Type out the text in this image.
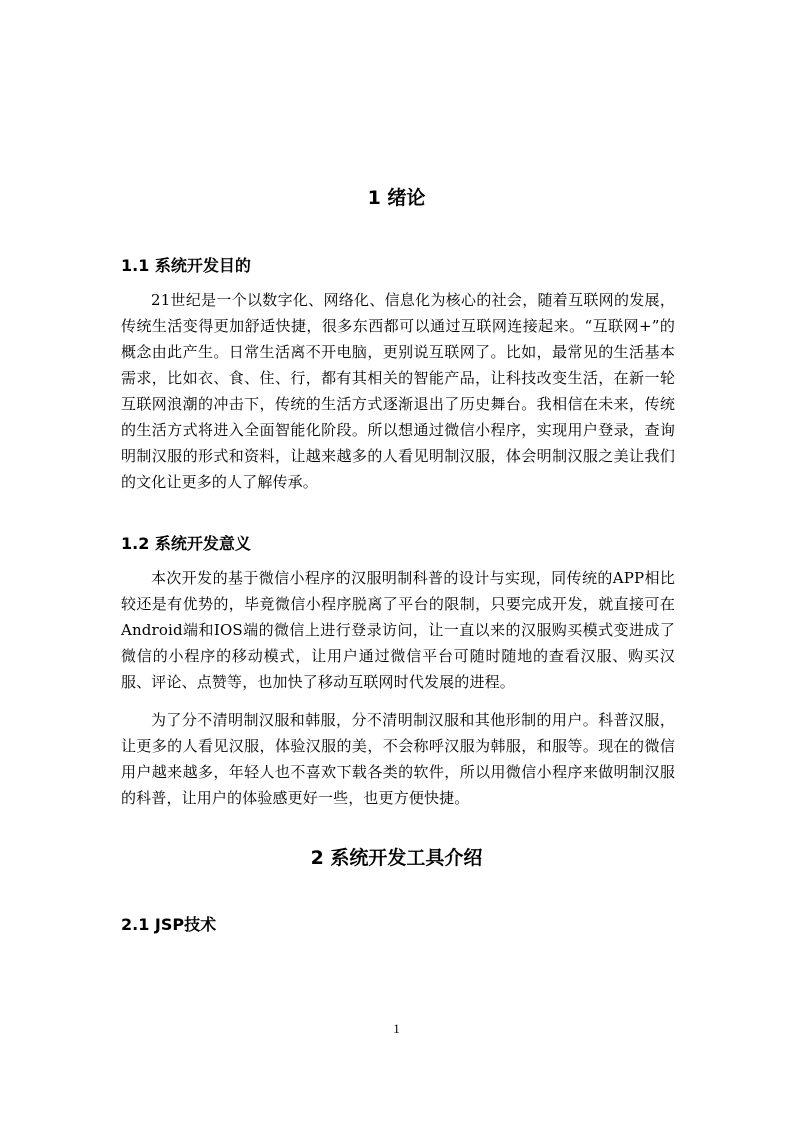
1 绪论
1.1 系统开发目的

21世纪是一个以数字化、网络化、信息化为核心的社会，随着互联网的发展，传统生活变得更加舒适快捷，很多东西都可以通过互联网连接起来。“互联网+”的概念由此产生。日常生活离不开电脑，更别说互联网了。比如，最常见的生活基本需求，比如衣、食、住、行，都有其相关的智能产品，让科技改变生活，在新一轮互联网浪潮的冲击下，传统的生活方式逐渐退出了历史舞台。我相信在未来，传统的生活方式将进入全面智能化阶段。所以想通过微信小程序，实现用户登录，查询明制汉服的形式和资料，让越来越多的人看见明制汉服，体会明制汉服之美让我们的文化让更多的人了解传承。

1.2 系统开发意义

本次开发的基于微信小程序的汉服明制科普的设计与实现，同传统的APP相比较还是有优势的，毕竟微信小程序脱离了平台的限制，只要完成开发，就直接可在Android端和IOS端的微信上进行登录访问，让一直以来的汉服购买模式变进成了微信的小程序的移动模式，让用户通过微信平台可随时随地的查看汉服、购买汉服、评论、点赞等，也加快了移动互联网时代发展的进程。

为了分不清明制汉服和韩服，分不清明制汉服和其他形制的用户。科普汉服，让更多的人看见汉服，体验汉服的美，不会称呼汉服为韩服，和服等。现在的微信用户越来越多，年轻人也不喜欢下载各类的软件，所以用微信小程序来做明制汉服的科普，让用户的体验感更好一些，也更方便快捷。

2 系统开发工具介绍
2.1 JSP技术
1
